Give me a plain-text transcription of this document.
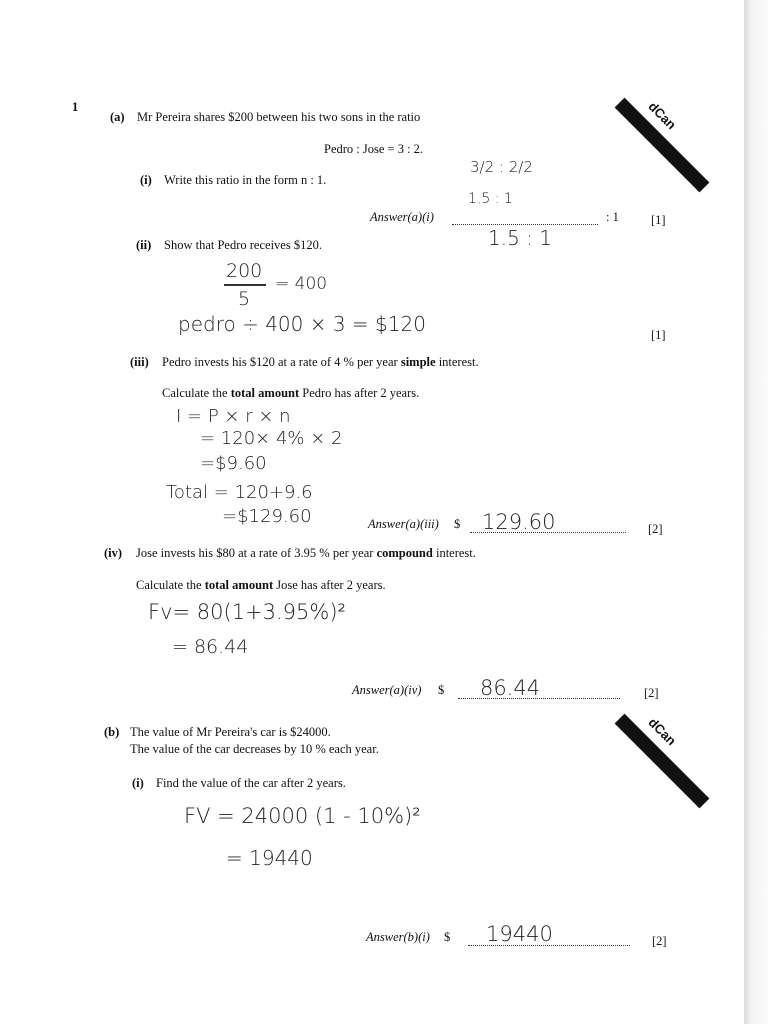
dCan
dCan
1
(a) Mr Pereira shares $200 between his two sons in the ratio
Pedro : Jose = 3 : 2.
(i) Write this ratio in the form n : 1.
3/2 : 2/2
1.5 : 1
Answer(a)(i)
1.5 : 1
: 1	[1]
(ii) Show that Pedro receives $120.
200
5
= 400
pedro ÷ 400 × 3 = $120	[1]
(iii) Pedro invests his $120 at a rate of 4 % per year simple interest.
Calculate the total amount Pedro has after 2 years.
I = P × r × n
= 120× 4% × 2
=$9.60
Total = 120+9.6
=$129.60	Answer(a)(iii) $ 129.60	[2]
(iv) Jose invests his $80 at a rate of 3.95 % per year compound interest.
Calculate the total amount Jose has after 2 years.
Fv= 80(1+3.95%)²
= 86.44
Answer(a)(iv) $ 86.44	[2]
(b) The value of Mr Pereira's car is $24000.
The value of the car decreases by 10 % each year.
(i) Find the value of the car after 2 years.
FV = 24000 (1 - 10%)²
= 19440
Answer(b)(i) $ 19440	[2]
